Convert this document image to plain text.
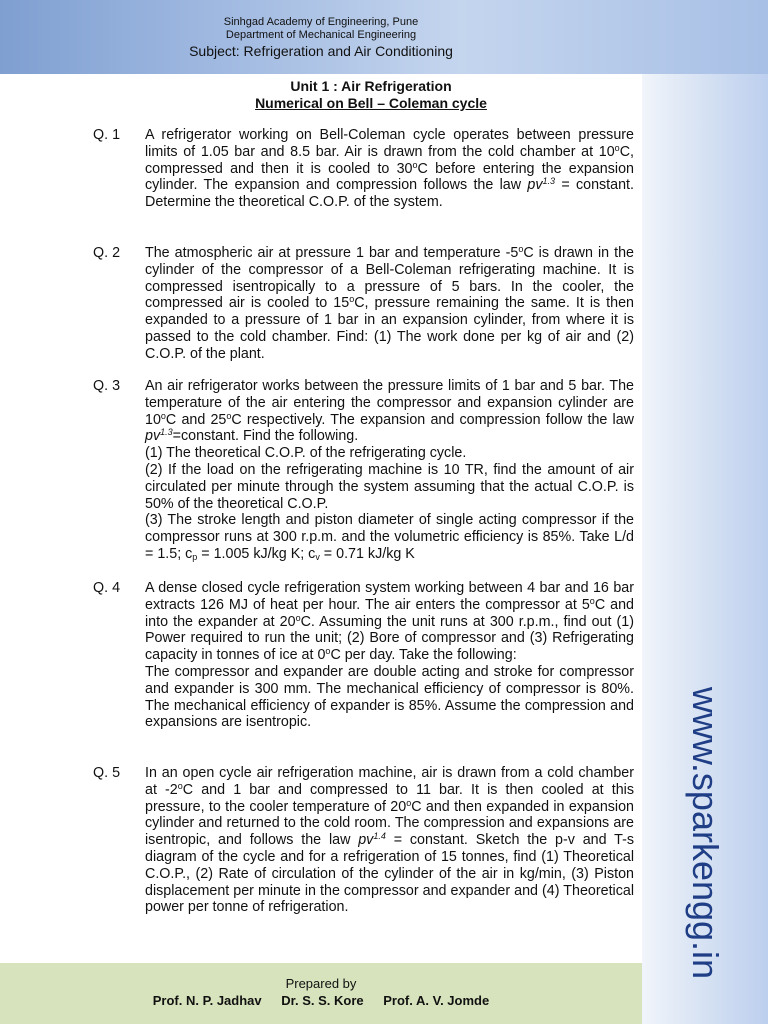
Sinhgad Academy of Engineering, Pune
Department of Mechanical Engineering
Subject: Refrigeration and Air Conditioning
Unit 1 : Air Refrigeration
Numerical on Bell – Coleman cycle
Q. 1	A refrigerator working on Bell-Coleman cycle operates between pressure limits of 1.05 bar and 8.5 bar. Air is drawn from the cold chamber at 10$^o$C, compressed and then it is cooled to 30$^o$C before entering the expansion cylinder. The expansion and compression follows the law $pv^{1.3}$ = constant. Determine the theoretical C.O.P. of the system.

Q. 2	The atmospheric air at pressure 1 bar and temperature -5$^o$C is drawn in the cylinder of the compressor of a Bell-Coleman refrigerating machine. It is compressed isentropically to a pressure of 5 bars. In the cooler, the compressed air is cooled to 15$^o$C, pressure remaining the same. It is then expanded to a pressure of 1 bar in an expansion cylinder, from where it is passed to the cold chamber. Find: (1) The work done per kg of air and (2) C.O.P. of the plant.

Q. 3	An air refrigerator works between the pressure limits of 1 bar and 5 bar. The temperature of the air entering the compressor and expansion cylinder are 10$^o$C and 25$^o$C respectively. The expansion and compression follow the law $pv^{1.3}=constant$. Find the following.

(1) The theoretical C.O.P. of the refrigerating cycle.

(2) If the load on the refrigerating machine is 10 TR, find the amount of air circulated per minute through the system assuming that the actual C.O.P. is 50% of the theoretical C.O.P.

(3) The stroke length and piston diameter of single acting compressor if the compressor runs at 300 r.p.m. and the volumetric efficiency is 85%. Take L/d = 1.5; $c_p = 1.005$ kJ/kg K; $c_v = 0.71$ kJ/kg K

Q. 4	A dense closed cycle refrigeration system working between 4 bar and 16 bar extracts 126 MJ of heat per hour. The air enters the compressor at 5$^o$C and into the expander at 20$^o$C. Assuming the unit runs at 300 r.p.m., find out (1) Power required to run the unit; (2) Bore of compressor and (3) Refrigerating capacity in tonnes of ice at 0$^o$C per day. Take the following:

The compressor and expander are double acting and stroke for compressor and expander is 300 mm. The mechanical efficiency of compressor is 80%. The mechanical efficiency of expander is 85%. Assume the compression and expansions are isentropic.

Q. 5	In an open cycle air refrigeration machine, air is drawn from a cold chamber at -2$^o$C and 1 bar and compressed to 11 bar. It is then cooled at this pressure, to the cooler temperature of 20$^o$C and then expanded in expansion cylinder and returned to the cold room. The compression and expansions are isentropic, and follows the law $pv^{1.4}$ = constant. Sketch the p-v and T-s diagram of the cycle and for a refrigeration of 15 tonnes, find (1) Theoretical C.O.P., (2) Rate of circulation of the cylinder of the air in kg/min, (3) Piston displacement per minute in the compressor and expander and (4) Theoretical power per tonne of refrigeration.	www.sparkengg.in
Prepared by
Prof. N. P. Jadhav Dr. S. S. Kore Prof. A. V. Jomde
